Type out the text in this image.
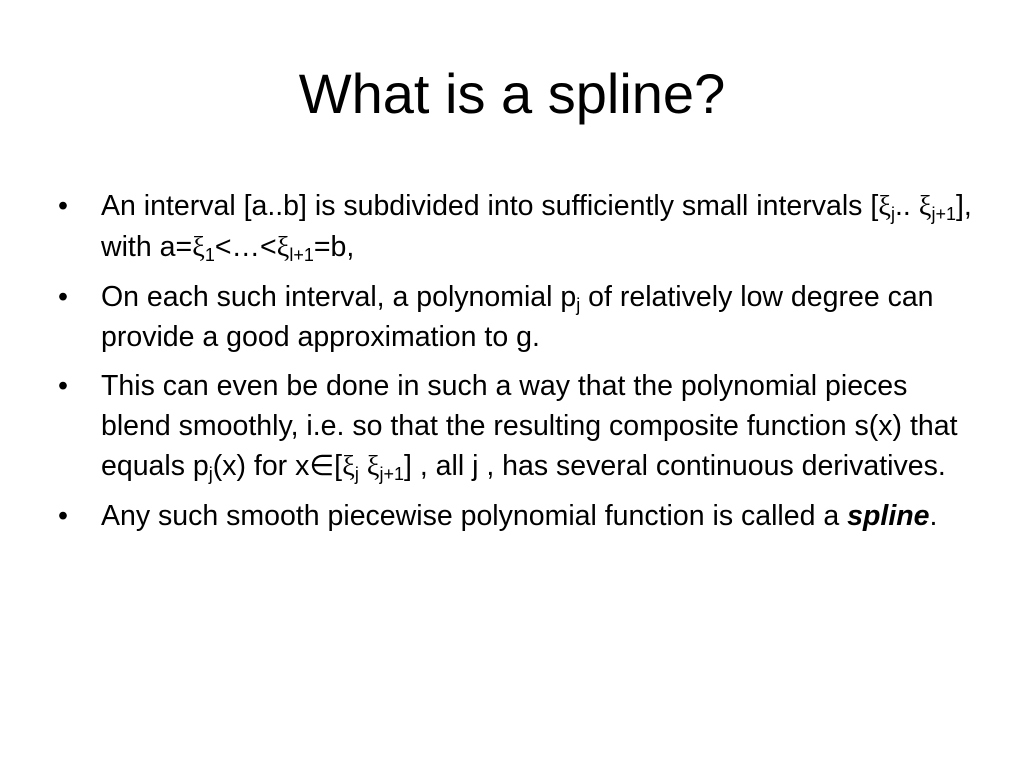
What is a spline?
•	An interval [a..b] is subdivided into sufficiently small intervals [$\xi_j$.. $\xi_{j+1}$], with $a=\xi_1<\dots<\xi_{l+1}=b$,
•	On each such interval, a polynomial $p_j$ of relatively low degree can provide a good approximation to g.
•	This can even be done in such a way that the polynomial pieces blend smoothly, i.e. so that the resulting composite function s(x) that equals $p_j(x)$ for $x\in[\xi_j$ $\xi_{j+1}$] , all j , has several continuous derivatives.
•	Any such smooth piecewise polynomial function is called a spline.
